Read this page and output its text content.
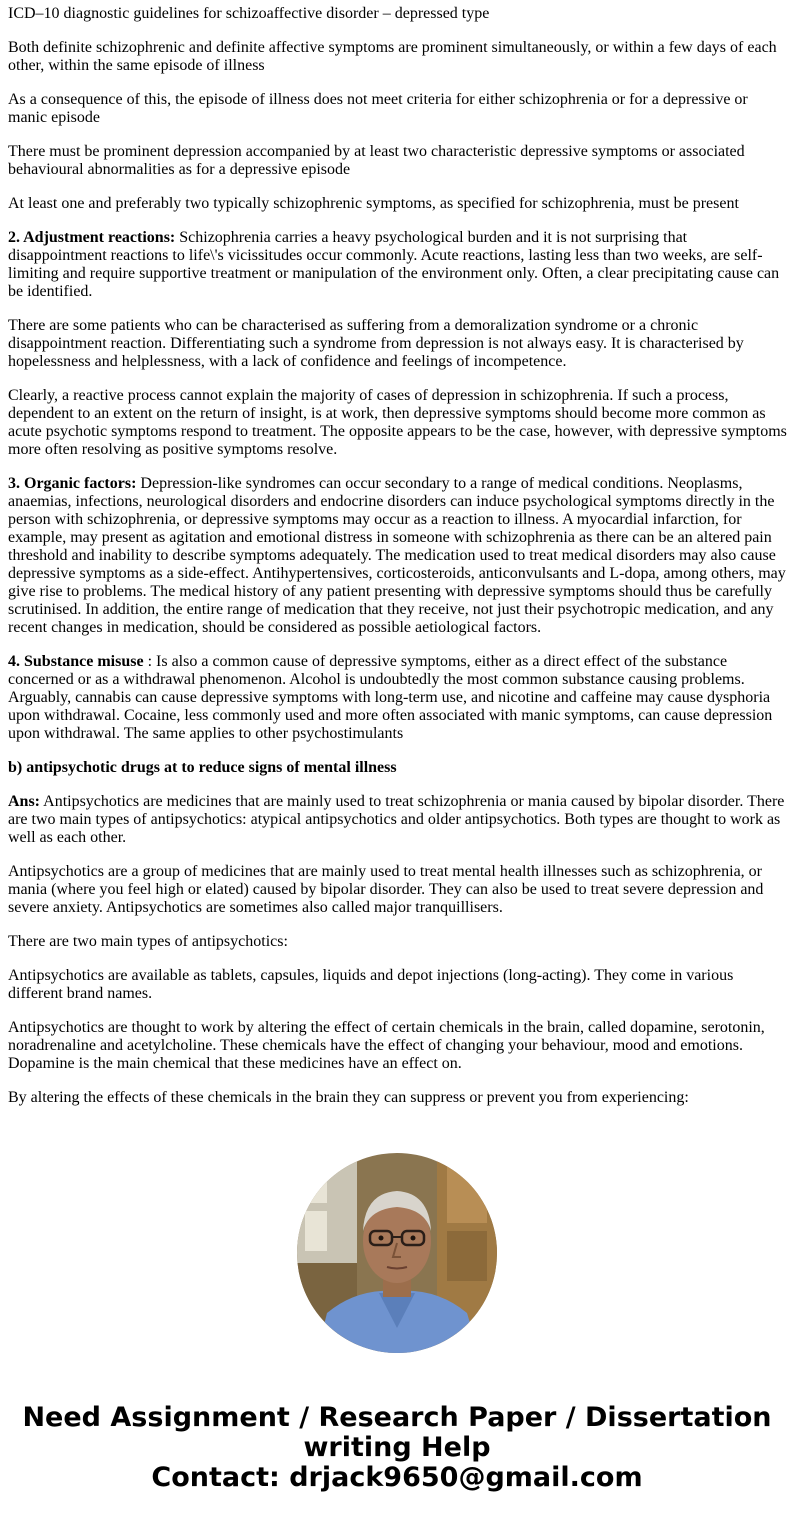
ICD–10 diagnostic guidelines for schizoaffective disorder – depressed type

Both definite schizophrenic and definite affective symptoms are prominent simultaneously, or within a few days of each other, within the same episode of illness

As a consequence of this, the episode of illness does not meet criteria for either schizophrenia or for a depressive or manic episode

There must be prominent depression accompanied by at least two characteristic depressive symptoms or associated behavioural abnormalities as for a depressive episode

At least one and preferably two typically schizophrenic symptoms, as specified for schizophrenia, must be present

2. Adjustment reactions: Schizophrenia carries a heavy psychological burden and it is not surprising that disappointment reactions to life\'s vicissitudes occur commonly. Acute reactions, lasting less than two weeks, are self-limiting and require supportive treatment or manipulation of the environment only. Often, a clear precipitating cause can be identified.

There are some patients who can be characterised as suffering from a demoralization syndrome or a chronic disappointment reaction. Differentiating such a syndrome from depression is not always easy. It is characterised by hopelessness and helplessness, with a lack of confidence and feelings of incompetence.

Clearly, a reactive process cannot explain the majority of cases of depression in schizophrenia. If such a process, dependent to an extent on the return of insight, is at work, then depressive symptoms should become more common as acute psychotic symptoms respond to treatment. The opposite appears to be the case, however, with depressive symptoms more often resolving as positive symptoms resolve.

3. Organic factors: Depression-like syndromes can occur secondary to a range of medical conditions. Neoplasms, anaemias, infections, neurological disorders and endocrine disorders can induce psychological symptoms directly in the person with schizophrenia, or depressive symptoms may occur as a reaction to illness. A myocardial infarction, for example, may present as agitation and emotional distress in someone with schizophrenia as there can be an altered pain threshold and inability to describe symptoms adequately. The medication used to treat medical disorders may also cause depressive symptoms as a side-effect. Antihypertensives, corticosteroids, anticonvulsants and L-dopa, among others, may give rise to problems. The medical history of any patient presenting with depressive symptoms should thus be carefully scrutinised. In addition, the entire range of medication that they receive, not just their psychotropic medication, and any recent changes in medication, should be considered as possible aetiological factors.

4. Substance misuse : Is also a common cause of depressive symptoms, either as a direct effect of the substance concerned or as a withdrawal phenomenon. Alcohol is undoubtedly the most common substance causing problems. Arguably, cannabis can cause depressive symptoms with long-term use, and nicotine and caffeine may cause dysphoria upon withdrawal. Cocaine, less commonly used and more often associated with manic symptoms, can cause depression upon withdrawal. The same applies to other psychostimulants

b) antipsychotic drugs at to reduce signs of mental illness

Ans: Antipsychotics are medicines that are mainly used to treat schizophrenia or mania caused by bipolar disorder. There are two main types of antipsychotics: atypical antipsychotics and older antipsychotics. Both types are thought to work as well as each other.

Antipsychotics are a group of medicines that are mainly used to treat mental health illnesses such as schizophrenia, or mania (where you feel high or elated) caused by bipolar disorder. They can also be used to treat severe depression and severe anxiety. Antipsychotics are sometimes also called major tranquillisers.

There are two main types of antipsychotics:

Antipsychotics are available as tablets, capsules, liquids and depot injections (long-acting). They come in various different brand names.

Antipsychotics are thought to work by altering the effect of certain chemicals in the brain, called dopamine, serotonin, noradrenaline and acetylcholine. These chemicals have the effect of changing your behaviour, mood and emotions. Dopamine is the main chemical that these medicines have an effect on.

By altering the effects of these chemicals in the brain they can suppress or prevent you from experiencing:

Need Assignment / Research Paper / Dissertation writing Help
Contact: drjack9650@gmail.com
